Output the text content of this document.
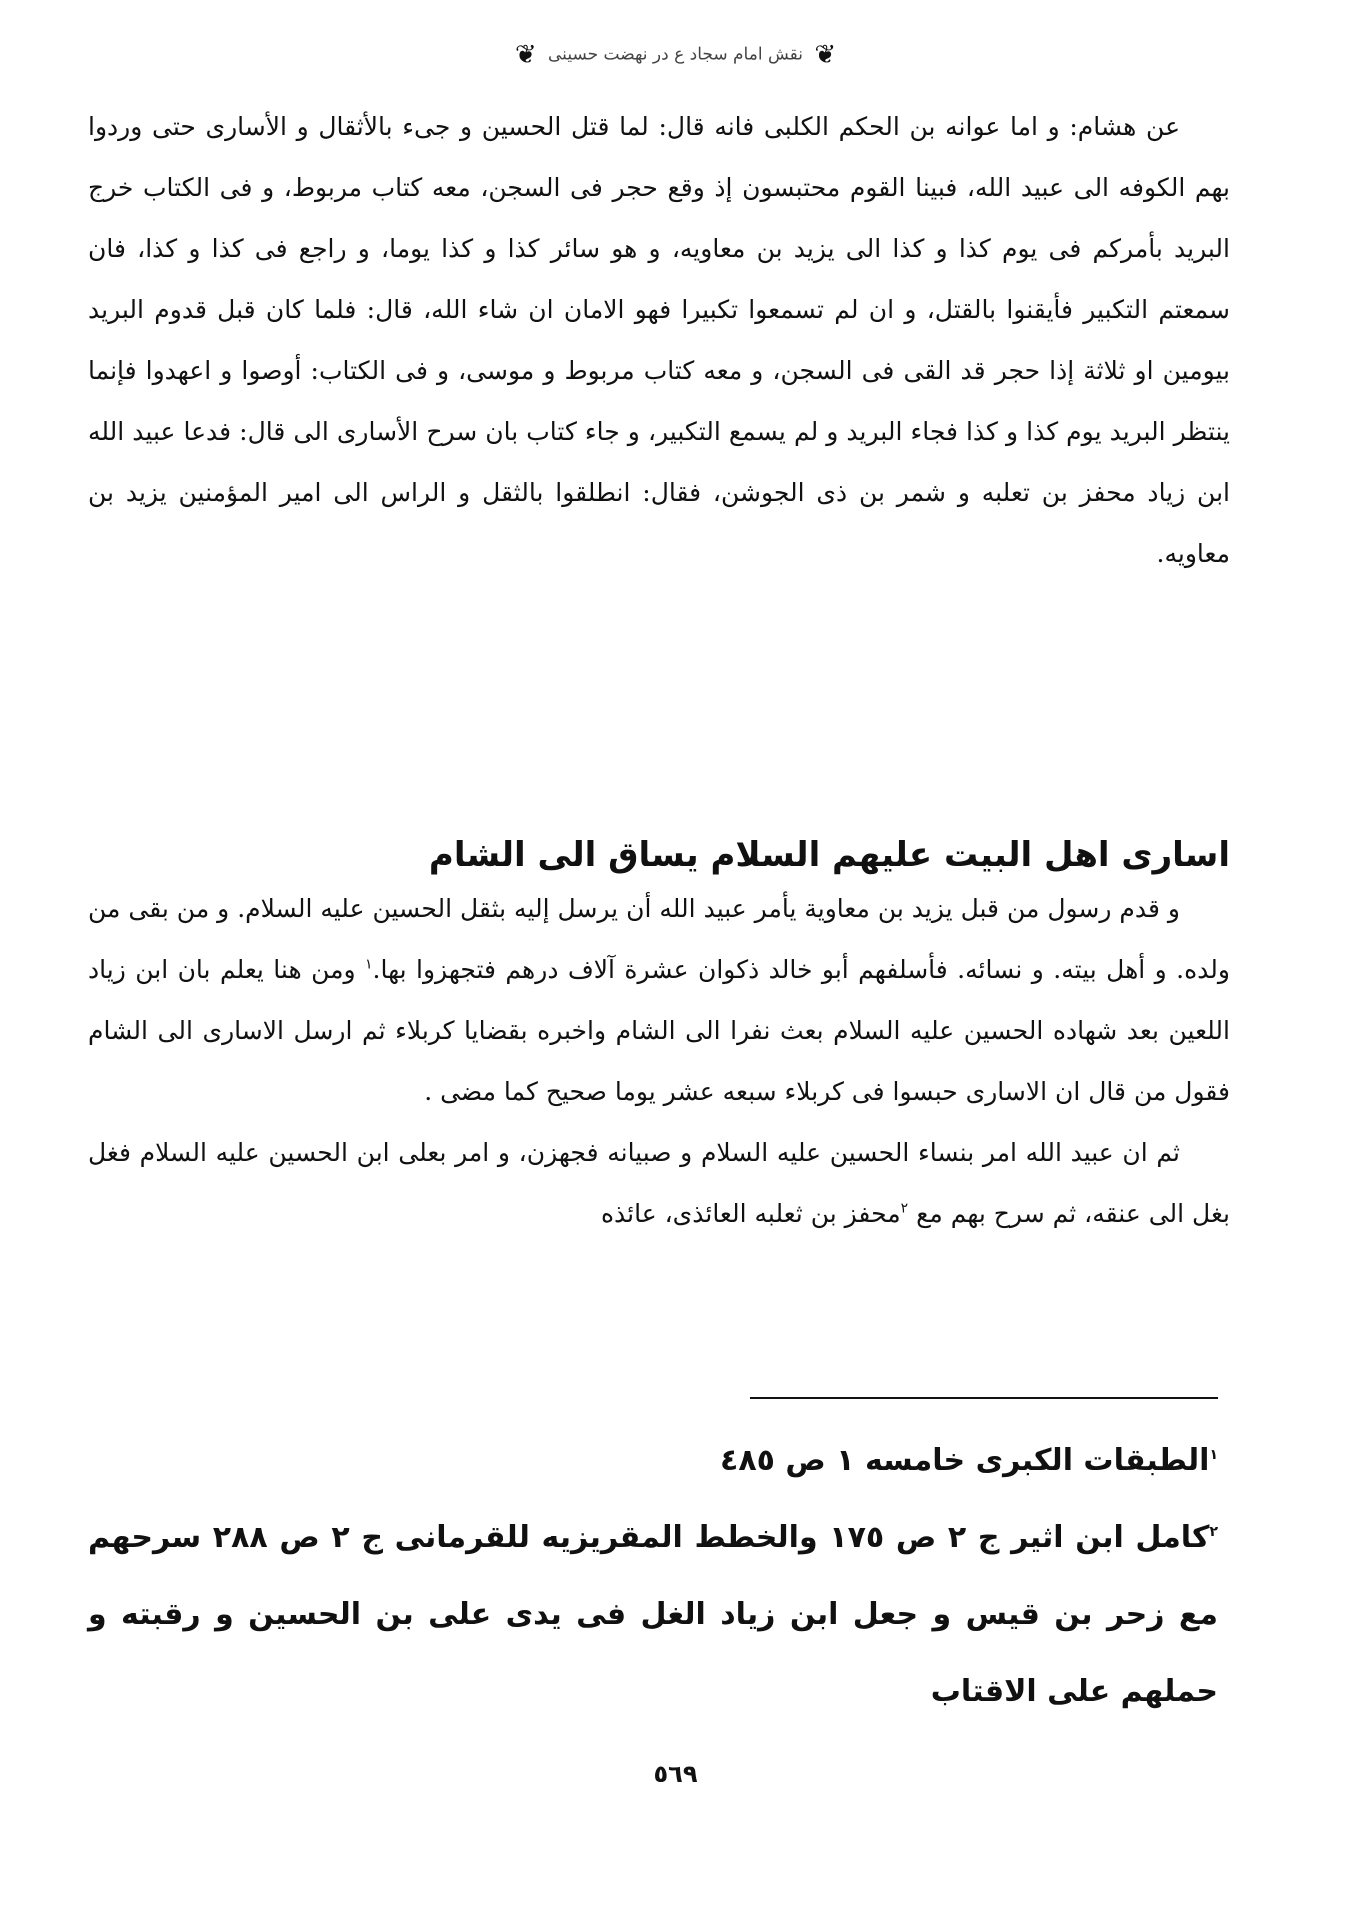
❦ نقش امام سجاد ع در نهضت حسینی ❦

عن هشام: و اما عوانه بن الحكم الكلبى فانه قال: لما قتل الحسين و جىء بالأثقال و الأسارى حتى وردوا بهم الكوفه الى عبيد الله، فبينا القوم محتبسون إذ وقع حجر فى السجن، معه كتاب مربوط، و فى الكتاب خرج البريد بأمركم فى يوم كذا و كذا الى يزيد بن معاويه، و هو سائر كذا و كذا يوما، و راجع فى كذا و كذا، فان سمعتم التكبير فأيقنوا بالقتل، و ان لم تسمعوا تكبيرا فهو الامان ان شاء الله، قال: فلما كان قبل قدوم البريد بيومين او ثلاثة إذا حجر قد القى فى السجن، و معه كتاب مربوط و موسى، و فى الكتاب: أوصوا و اعهدوا فإنما ينتظر البريد يوم كذا و كذا فجاء البريد و لم يسمع التكبير، و جاء كتاب بان سرح الأسارى الى قال: فدعا عبيد الله ابن زياد محفز بن تعلبه و شمر بن ذى الجوشن، فقال: انطلقوا بالثقل و الراس الى امير المؤمنين يزيد بن معاويه.

اسارى اهل البيت عليهم السلام يساق الى الشام

و قدم رسول من قبل يزيد بن معاوية يأمر عبيد الله أن يرسل إليه بثقل الحسين عليه السلام. و من بقى من ولده. و أهل بيته. و نسائه. فأسلفهم أبو خالد ذكوان عشرة آلاف درهم فتجهزوا بها.$^١$ ومن هنا يعلم بان ابن زياد اللعين بعد شهاده الحسين عليه السلام بعث نفرا الى الشام واخبره بقضايا كربلاء ثم ارسل الاسارى الى الشام فقول من قال ان الاسارى حبسوا فى كربلاء سبعه عشر يوما صحيح كما مضى .

ثم ان عبيد الله امر بنساء الحسين عليه السلام و صبيانه فجهزن، و امر بعلى ابن الحسين عليه السلام فغل بغل الى عنقه، ثم سرح بهم مع $^٢$محفز بن ثعلبه العائذى، عائذه

$^١$الطبقات الكبرى خامسه ١ ص ٤٨٥

$^٢$كامل ابن اثير ج ٢ ص ١٧٥ والخطط المقريزيه للقرمانى ج ٢ ص ٢٨٨ سرحهم مع زحر بن قيس و جعل ابن زياد الغل فى يدى على بن الحسين و رقبته و حملهم على الاقتاب

٥٦٩
